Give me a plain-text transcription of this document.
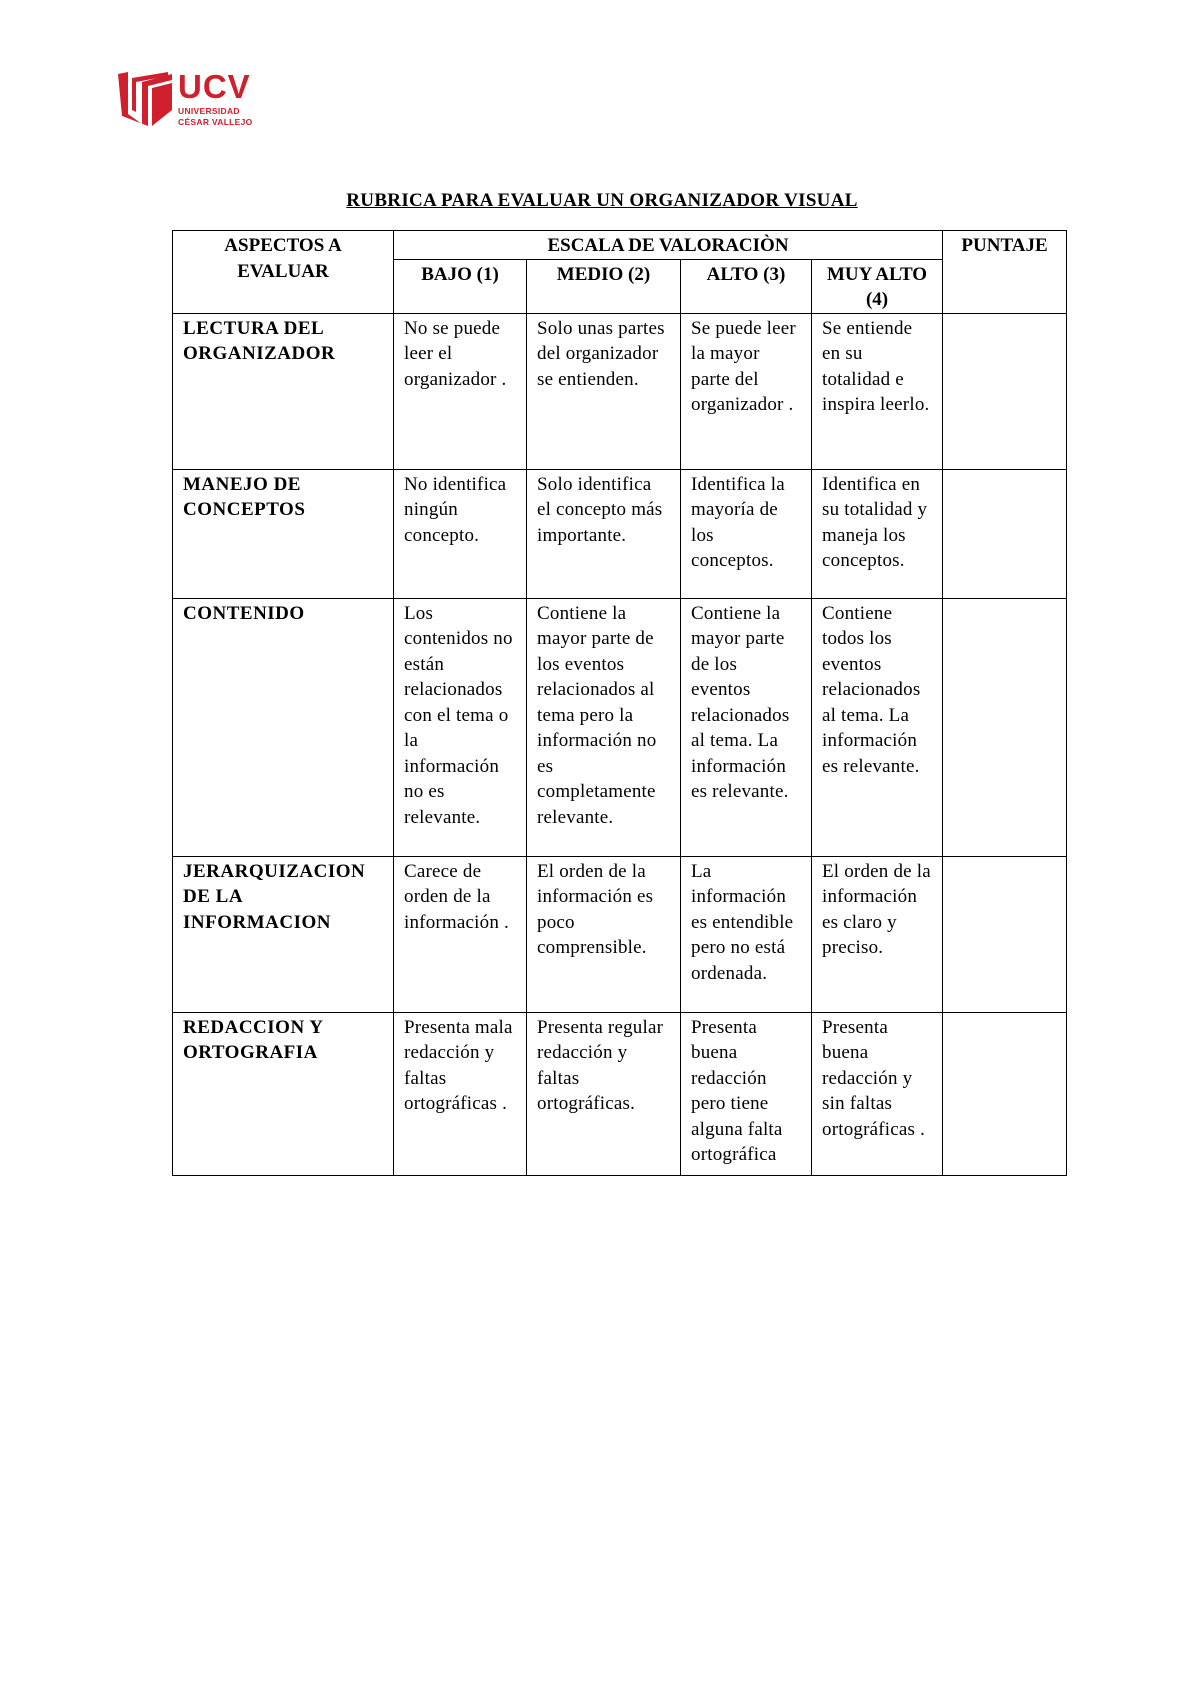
UCV
UNIVERSIDAD
CÉSAR VALLEJO
RUBRICA PARA EVALUAR UN ORGANIZADOR VISUAL
ASPECTOS A EVALUAR	ESCALA DE VALORACIÒN				PUNTAJE
	BAJO (1)	MEDIO (2)	ALTO (3)	MUY ALTO (4)	
LECTURA DEL ORGANIZADOR	No se puede leer el organizador .	Solo unas partes del organizador se entienden.	Se puede leer la mayor parte del organizador .	Se entiende en su totalidad e inspira leerlo.	
MANEJO DE CONCEPTOS	No identifica ningún concepto.	Solo identifica el concepto más importante.	Identifica la mayoría de los conceptos.	Identifica en su totalidad y maneja los conceptos.	
CONTENIDO	Los contenidos no están relacionados con el tema o la información no es relevante.	Contiene la mayor parte de los eventos relacionados al tema pero la información no es completamente relevante.	Contiene la mayor parte de los eventos relacionados al tema. La información es relevante.	Contiene todos los eventos relacionados al tema. La información es relevante.	
JERARQUIZACION DE LA INFORMACION	Carece de orden de la información .	El orden de la información es poco comprensible.	La información es entendible pero no está ordenada.	El orden de la información es claro y preciso.	
REDACCION Y ORTOGRAFIA	Presenta mala redacción y faltas ortográficas .	Presenta regular redacción y faltas ortográficas.	Presenta buena redacción pero tiene alguna falta ortográfica	Presenta buena redacción y sin faltas ortográficas .	
